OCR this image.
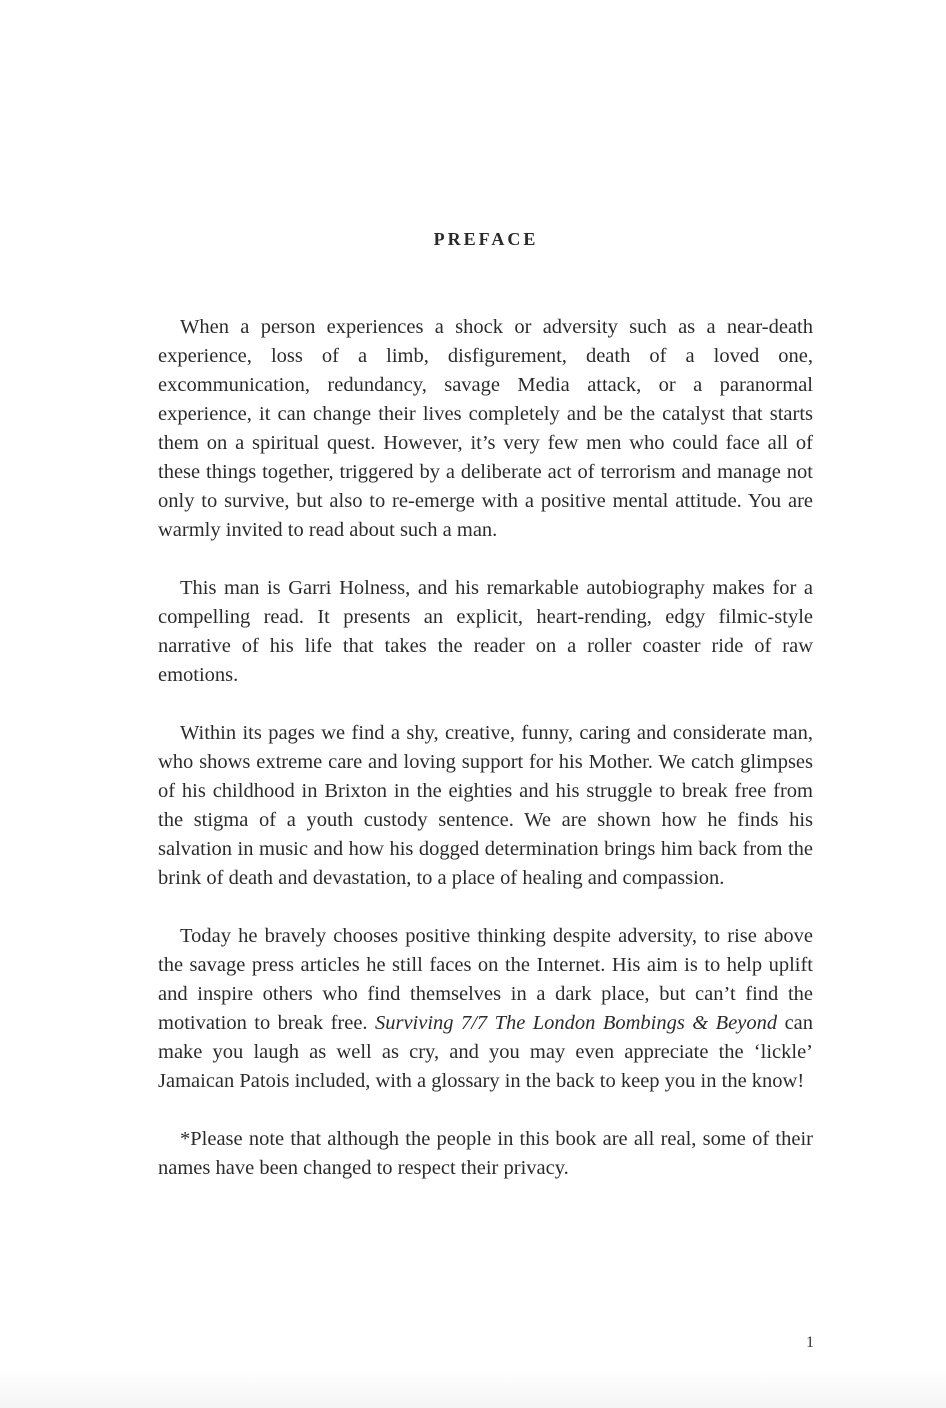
PREFACE

When a person experiences a shock or adversity such as a near-death experience, loss of a limb, disfigurement, death of a loved one, excommunication, redundancy, savage Media attack, or a paranormal experience, it can change their lives completely and be the catalyst that starts them on a spiritual quest. However, it’s very few men who could face all of these things together, triggered by a deliberate act of terrorism and manage not only to survive, but also to re-emerge with a positive mental attitude. You are warmly invited to read about such a man.

This man is Garri Holness, and his remarkable autobiography makes for a compelling read. It presents an explicit, heart-rending, edgy filmic-style narrative of his life that takes the reader on a roller coaster ride of raw emotions.

Within its pages we find a shy, creative, funny, caring and considerate man, who shows extreme care and loving support for his Mother. We catch glimpses of his childhood in Brixton in the eighties and his struggle to break free from the stigma of a youth custody sentence. We are shown how he finds his salvation in music and how his dogged determination brings him back from the brink of death and devastation, to a place of healing and compassion.

Today he bravely chooses positive thinking despite adversity, to rise above the savage press articles he still faces on the Internet. His aim is to help uplift and inspire others who find themselves in a dark place, but can’t find the motivation to break free. Surviving 7/7 The London Bombings & Beyond can make you laugh as well as cry, and you may even appreciate the ‘lickle’ Jamaican Patois included, with a glossary in the back to keep you in the know!

*Please note that although the people in this book are all real, some of their names have been changed to respect their privacy.

1
